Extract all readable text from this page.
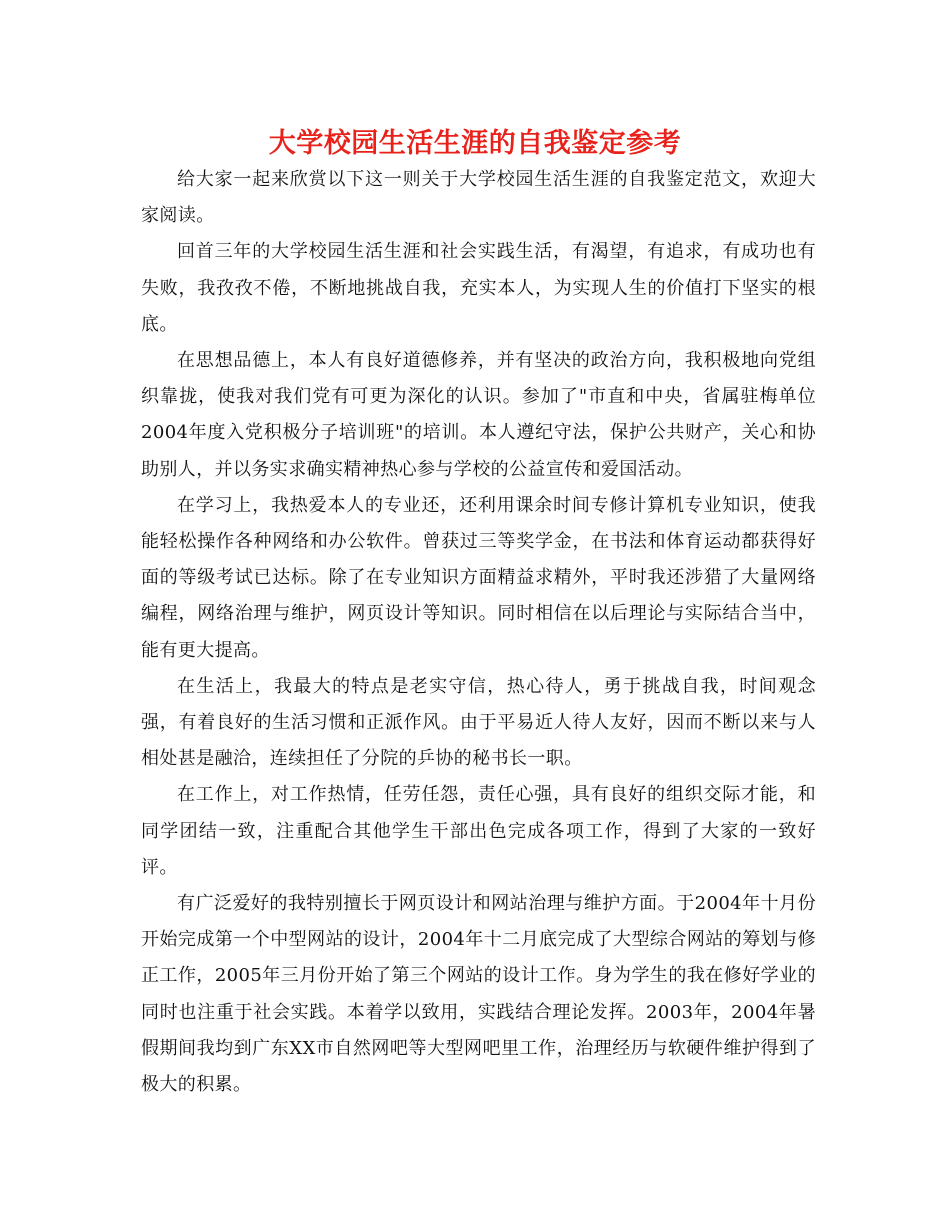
大学校园生活生涯的自我鉴定参考

给大家一起来欣赏以下这一则关于大学校园生活生涯的自我鉴定范文，欢迎大家阅读。

回首三年的大学校园生活生涯和社会实践生活，有渴望，有追求，有成功也有失败，我孜孜不倦，不断地挑战自我，充实本人，为实现人生的价值打下坚实的根底。

在思想品德上，本人有良好道德修养，并有坚决的政治方向，我积极地向党组织靠拢，使我对我们党有可更为深化的认识。参加了"市直和中央，省属驻梅单位2004年度入党积极分子培训班"的培训。本人遵纪守法，保护公共财产，关心和协助别人，并以务实求确实精神热心参与学校的公益宣传和爱国活动。

在学习上，我热爱本人的专业还，还利用课余时间专修计算机专业知识，使我能轻松操作各种网络和办公软件。曾获过三等奖学金，在书法和体育运动都获得好面的等级考试已达标。除了在专业知识方面精益求精外，平时我还涉猎了大量网络编程，网络治理与维护，网页设计等知识。同时相信在以后理论与实际结合当中，能有更大提高。

在生活上，我最大的特点是老实守信，热心待人，勇于挑战自我，时间观念强，有着良好的生活习惯和正派作风。由于平易近人待人友好，因而不断以来与人相处甚是融洽，连续担任了分院的乒协的秘书长一职。

在工作上，对工作热情，任劳任怨，责任心强，具有良好的组织交际才能，和同学团结一致，注重配合其他学生干部出色完成各项工作，得到了大家的一致好评。

有广泛爱好的我特别擅长于网页设计和网站治理与维护方面。于2004年十月份开始完成第一个中型网站的设计，2004年十二月底完成了大型综合网站的筹划与修正工作，2005年三月份开始了第三个网站的设计工作。身为学生的我在修好学业的同时也注重于社会实践。本着学以致用，实践结合理论发挥。2003年，2004年暑假期间我均到广东XX市自然网吧等大型网吧里工作，治理经历与软硬件维护得到了极大的积累。
